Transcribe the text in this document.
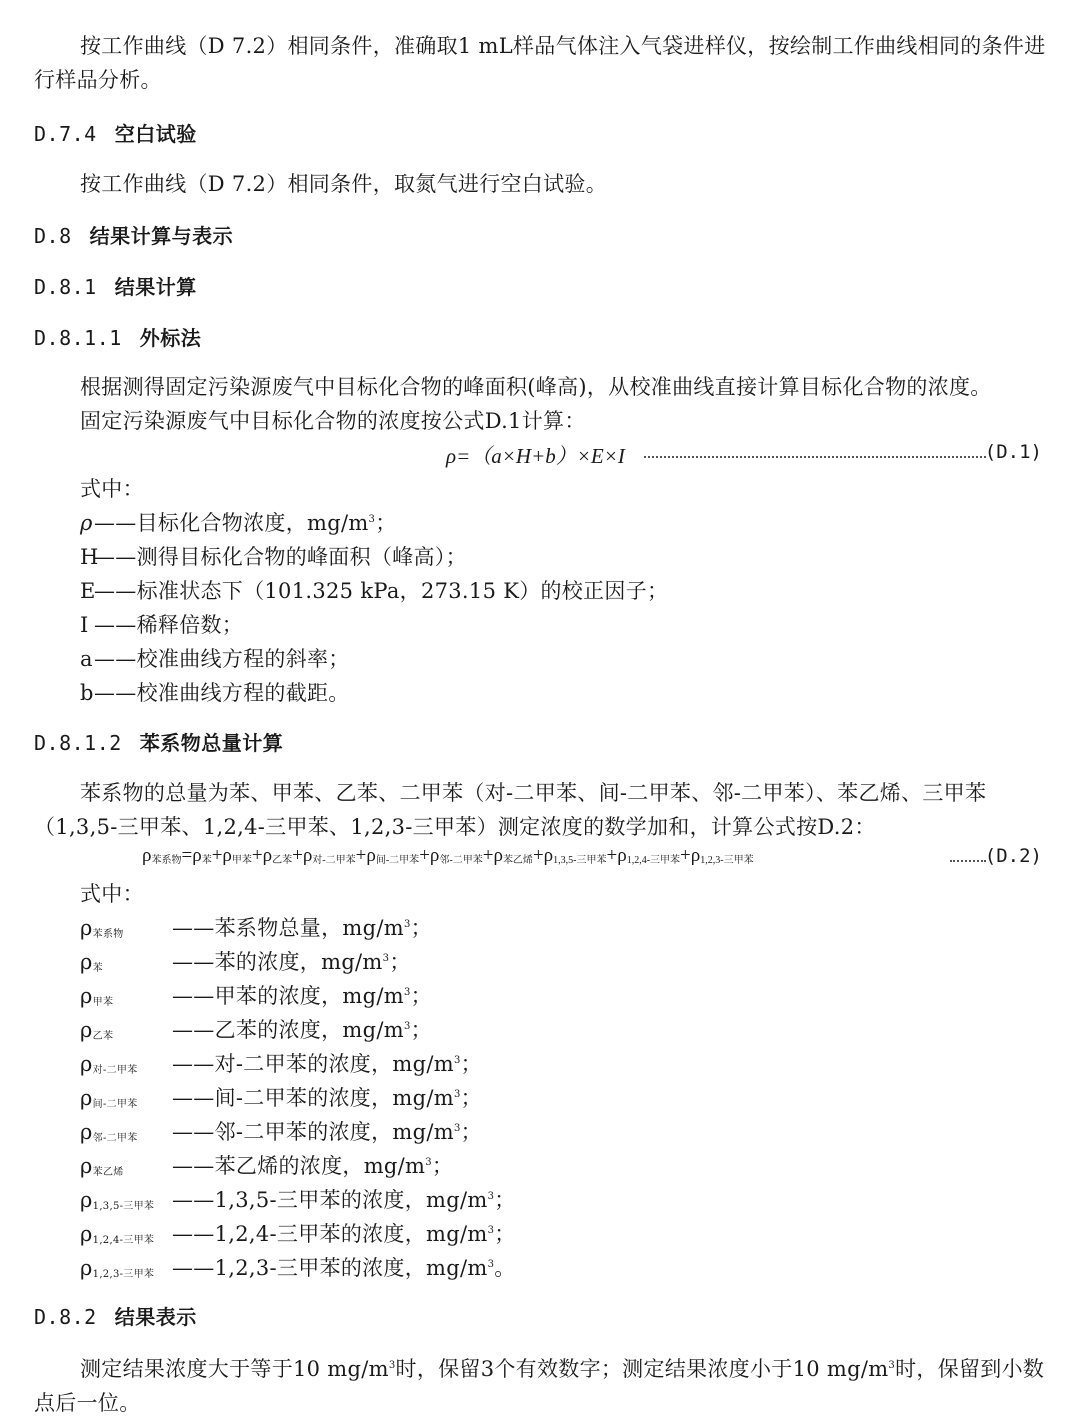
按工作曲线（D 7.2）相同条件，准确取1 mL样品气体注入气袋进样仪，按绘制工作曲线相同的条件进行样品分析。
D.7.4 空白试验
按工作曲线（D 7.2）相同条件，取氮气进行空白试验。
D.8 结果计算与表示
D.8.1 结果计算
D.8.1.1 外标法
根据测得固定污染源废气中目标化合物的峰面积(峰高)，从校准曲线直接计算目标化合物的浓度。
固定污染源废气中目标化合物的浓度按公式D.1计算：
ρ=（a×H+b）×E×I	(D.1)
式中：
ρ——目标化合物浓度，$mg/m^3$；
H——测得目标化合物的峰面积（峰高）；
E——标准状态下（101.325 kPa，273.15 K）的校正因子；
I ——稀释倍数；
a——校准曲线方程的斜率；
b——校准曲线方程的截距。
D.8.1.2 苯系物总量计算
苯系物的总量为苯、甲苯、乙苯、二甲苯（对-二甲苯、间-二甲苯、邻-二甲苯）、苯乙烯、三甲苯（1,3,5-三甲苯、1,2,4-三甲苯、1,2,3-三甲苯）测定浓度的数学加和，计算公式按D.2：
$\rho_{苯系物}=\rho_苯+\rho_{甲苯}+\rho_{乙苯}+\rho_{对-二甲苯}+\rho_{间-二甲苯}+\rho_{邻-二甲苯}+\rho_{苯乙烯}+\rho_{1,3,5-三甲苯}+\rho_{1,2,4-三甲苯}+\rho_{1,2,3-三甲苯}$	(D.2)
式中：
$\rho_{苯系物}$ ——苯系物总量，$mg/m^3$；
$\rho_苯$	——苯的浓度，$mg/m^3$；
$\rho_{甲苯}$	——甲苯的浓度，$mg/m^3$；
$\rho_{乙苯}$	——乙苯的浓度，$mg/m^3$；
$\rho_{对-二甲苯}$ ——对-二甲苯的浓度，$mg/m^3$；
$\rho_{间-二甲苯}$ ——间-二甲苯的浓度，$mg/m^3$；
$\rho_{邻-二甲苯}$ ——邻-二甲苯的浓度，$mg/m^3$；
$\rho_{苯乙烯}$ ——苯乙烯的浓度，$mg/m^3$；
$\rho_{1,3,5-三甲苯}$ ——1,3,5-三甲苯的浓度，$mg/m^3$；
$\rho_{1,2,4-三甲苯}$ ——1,2,4-三甲苯的浓度，$mg/m^3$；
$\rho_{1,2,3-三甲苯}$ ——1,2,3-三甲苯的浓度，$mg/m^3$。
D.8.2 结果表示
测定结果浓度大于等于10 $mg/m^3$时，保留3个有效数字；测定结果浓度小于10 $mg/m^3$时，保留到小数点后一位。
